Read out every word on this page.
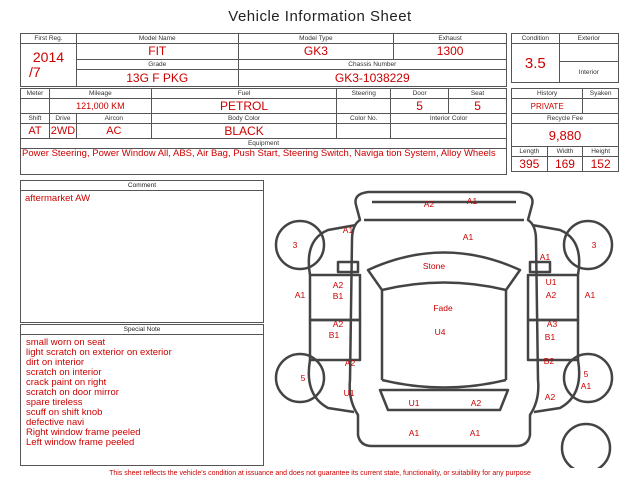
Vehicle Information Sheet
First Reg.	Model Name	Model Type	Exhaust

2014
/7	FIT	GK3	1300
	Grade	Chassis Number	
	13G F PKG	GK3-1038229	
Condition	Exterior
3.5	
	Interior
Meter	Mileage		Fuel	Steering	Door	Seat
	121,000 KM		PETROL		5	5
Shift	Drive	Aircon	Body Color	Color No.	Interior Color	
AT	2WD	AC	BLACK			
Equipment						
Power Steering, Power Window All, ABS, Air Bag, Push Start, Steering Switch, Naviga tion System, Alloy Wheels
History		Syaken
PRIVATE		
Recycle Fee		
9,880		
Length	Width	Height
395	169	152
Comment
aftermarket AW
Special Note
small worn on seat
light scratch on exterior on exterior
dirt on interior
scratch on interior
crack paint on right
scratch on door mirror
spare tireless
scuff on shift knob
defective navi
Right window frame peeled
Left window frame peeled
A2	A1
A1
A1
3	3
A1
Stone
A1
A2
B1
U1
A2	A1
Fade
U4
A2
B1
A3
B1
B2
A2
5	5
A1
U1	A2
U1	A2
A1	A1
This sheet reflects the vehicle's condition at issuance and does not guarantee its current state, functionality, or suitability for any purpose
